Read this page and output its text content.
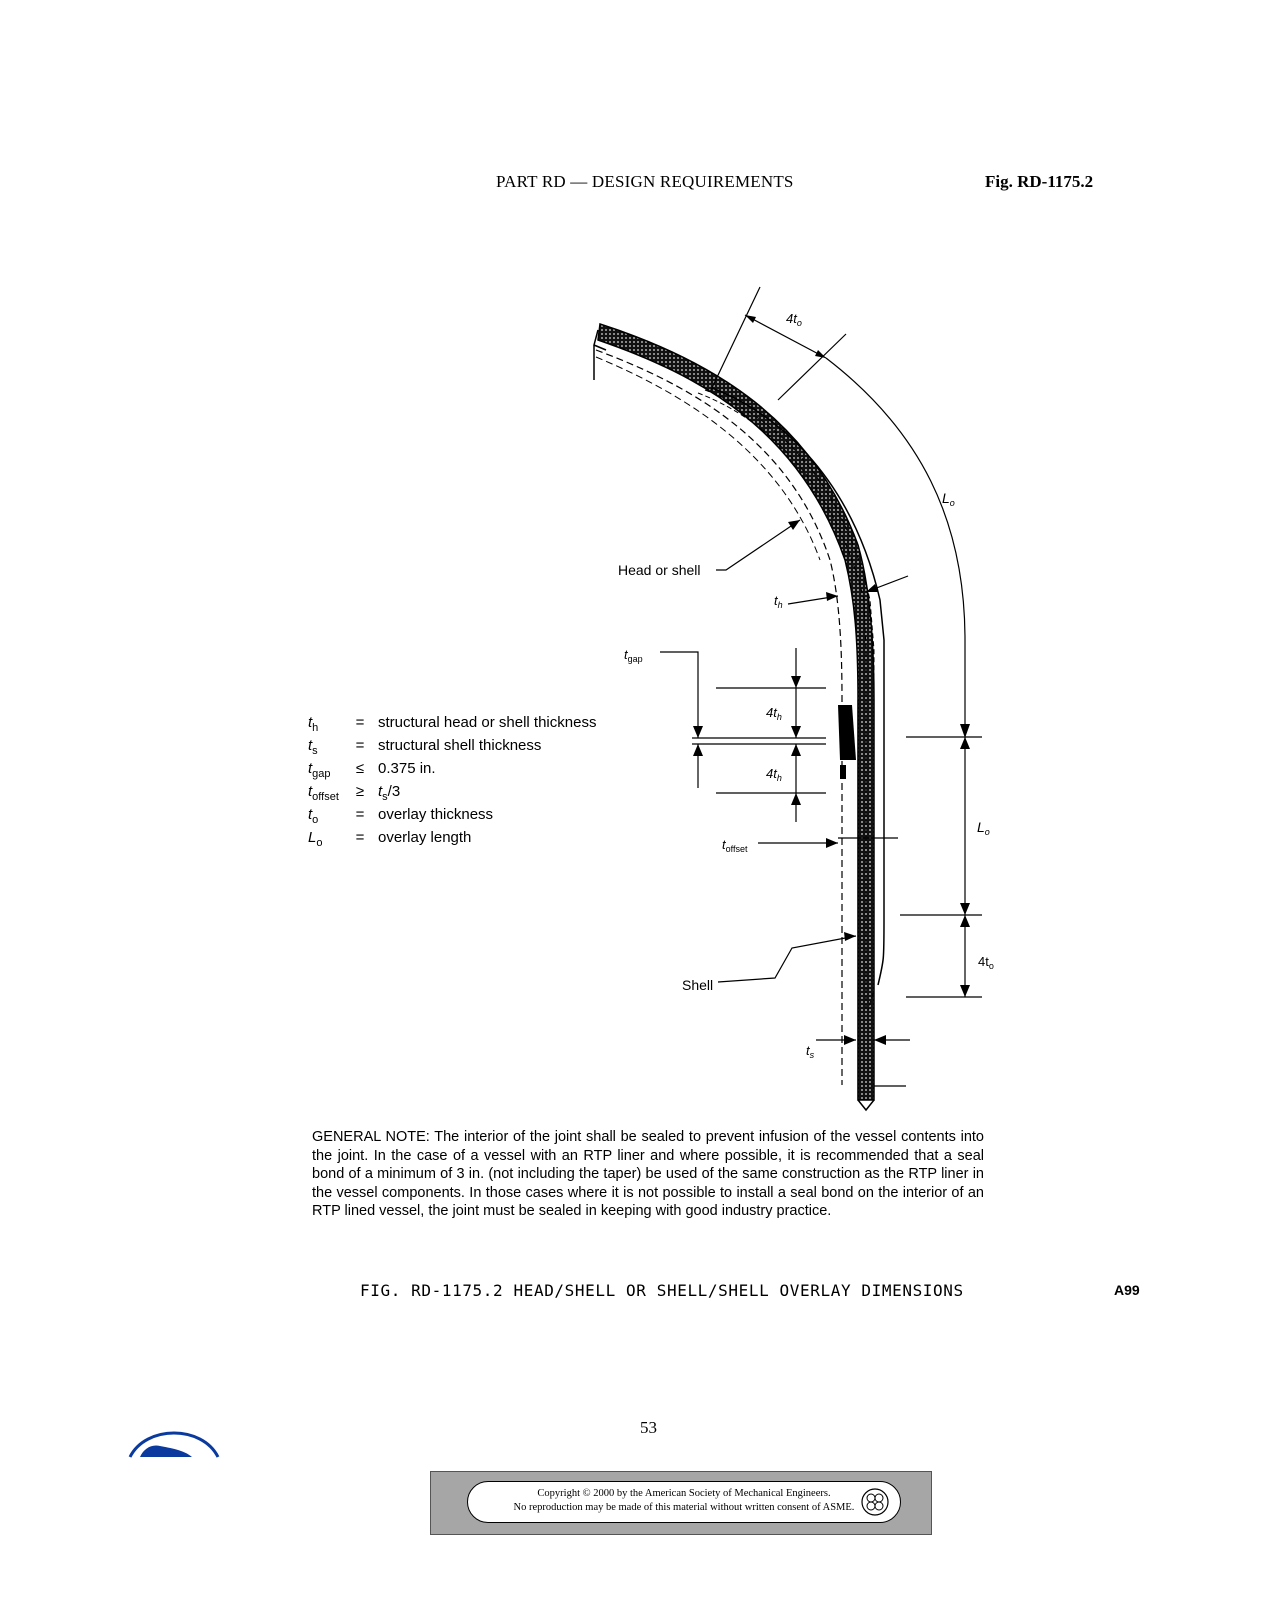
PART RD — DESIGN REQUIREMENTS	Fig. RD-1175.2
$4t_o$
$L_o$
Head or shell
$t_h$
$t_{gap}$
$4t_h$
$4t_h$
$L_o$
$t_{offset}$
$4t_o$
Shell
$t_s$
$t_h$	= structural head or shell thickness
$t_s$	= structural shell thickness
$t_{gap}$	≤ 0.375 in.
$t_{offset}$	≥ $t_s/3$
$t_o$	= overlay thickness
$L_o$	= overlay length
GENERAL NOTE: The interior of the joint shall be sealed to prevent infusion of the vessel contents into the joint. In the case of a vessel with an RTP liner and where possible, it is recommended that a seal bond of a minimum of 3 in. (not including the taper) be used of the same construction as the RTP liner in the vessel components. In those cases where it is not possible to install a seal bond on the interior of an RTP lined vessel, the joint must be sealed in keeping with good industry practice.
FIG. RD-1175.2 HEAD/SHELL OR SHELL/SHELL OVERLAY DIMENSIONS	A99
53
Copyright © 2000 by the American Society of Mechanical Engineers.
No reproduction may be made of this material without written consent of ASME.
